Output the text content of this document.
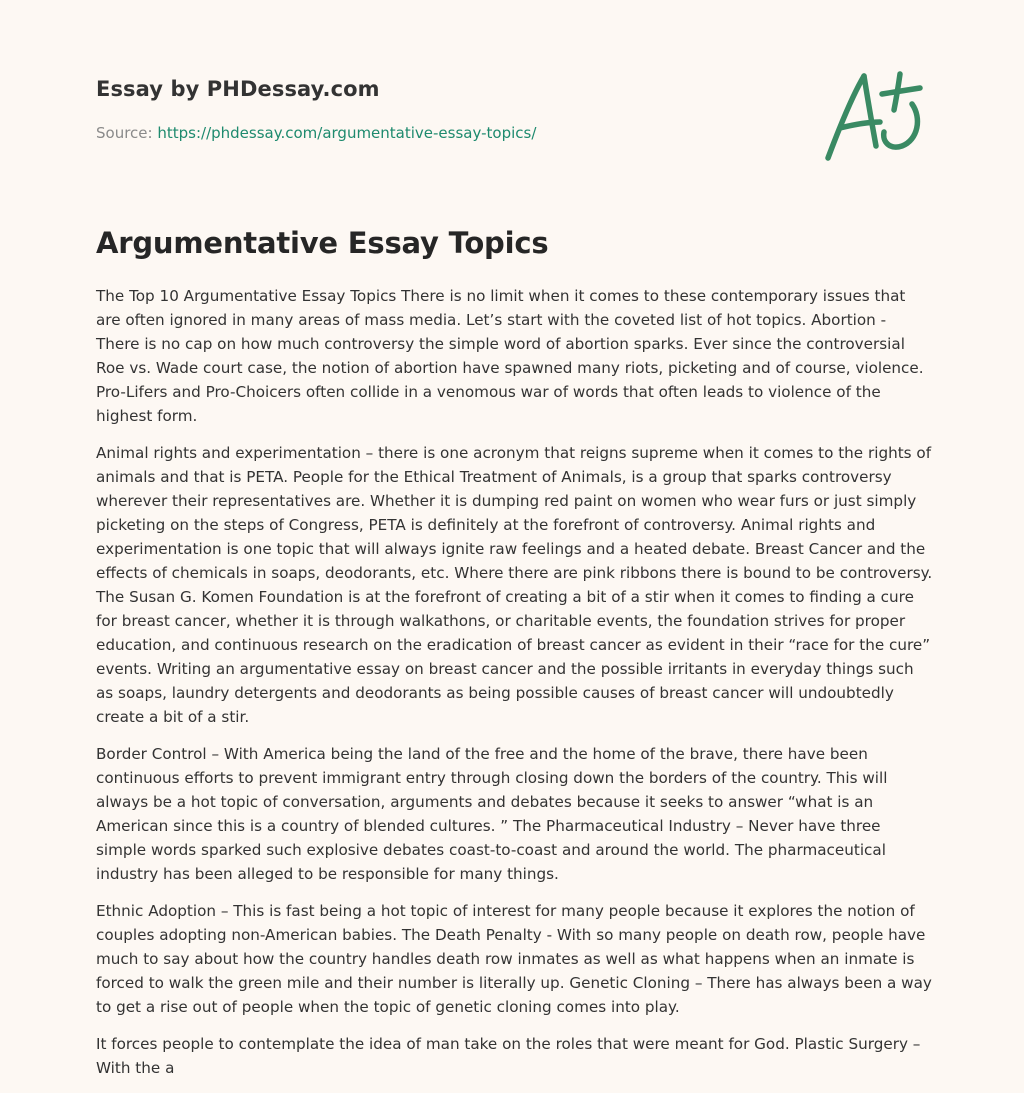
Essay by PHDessay.com
Source: https://phdessay.com/argumentative-essay-topics/
Argumentative Essay Topics

The Top 10 Argumentative Essay Topics There is no limit when it comes to these contemporary issues that are often ignored in many areas of mass media. Let’s start with the coveted list of hot topics. Abortion - There is no cap on how much controversy the simple word of abortion sparks. Ever since the controversial Roe vs. Wade court case, the notion of abortion have spawned many riots, picketing and of course, violence. Pro-Lifers and Pro-Choicers often collide in a venomous war of words that often leads to violence of the highest form.

Animal rights and experimentation – there is one acronym that reigns supreme when it comes to the rights of animals and that is PETA. People for the Ethical Treatment of Animals, is a group that sparks controversy wherever their representatives are. Whether it is dumping red paint on women who wear furs or just simply picketing on the steps of Congress, PETA is definitely at the forefront of controversy. Animal rights and experimentation is one topic that will always ignite raw feelings and a heated debate. Breast Cancer and the effects of chemicals in soaps, deodorants, etc. Where there are pink ribbons there is bound to be controversy. The Susan G. Komen Foundation is at the forefront of creating a bit of a stir when it comes to finding a cure for breast cancer, whether it is through walkathons, or charitable events, the foundation strives for proper education, and continuous research on the eradication of breast cancer as evident in their “race for the cure” events. Writing an argumentative essay on breast cancer and the possible irritants in everyday things such as soaps, laundry detergents and deodorants as being possible causes of breast cancer will undoubtedly create a bit of a stir.

Border Control – With America being the land of the free and the home of the brave, there have been continuous efforts to prevent immigrant entry through closing down the borders of the country. This will always be a hot topic of conversation, arguments and debates because it seeks to answer “what is an American since this is a country of blended cultures. ” The Pharmaceutical Industry – Never have three simple words sparked such explosive debates coast-to-coast and around the world. The pharmaceutical industry has been alleged to be responsible for many things.

Ethnic Adoption – This is fast being a hot topic of interest for many people because it explores the notion of couples adopting non-American babies. The Death Penalty - With so many people on death row, people have much to say about how the country handles death row inmates as well as what happens when an inmate is forced to walk the green mile and their number is literally up. Genetic Cloning – There has always been a way to get a rise out of people when the topic of genetic cloning comes into play.

It forces people to contemplate the idea of man take on the roles that were meant for God. Plastic Surgery – With the a
